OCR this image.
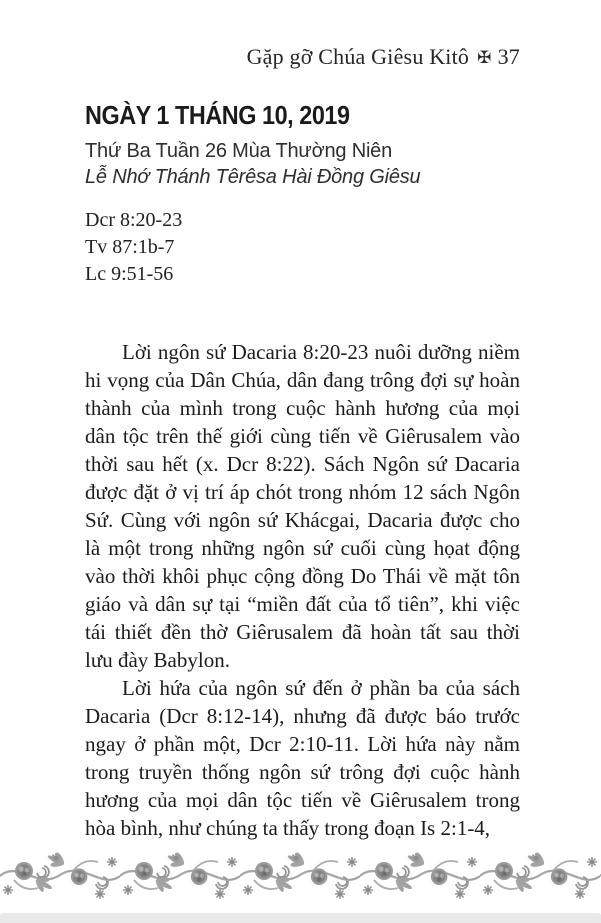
Gặp gỡ Chúa Giêsu Kitô ✠ 37
NGÀY 1 THÁNG 10, 2019
Thứ Ba Tuần 26 Mùa Thường Niên
Lễ Nhớ Thánh Têrêsa Hài Đồng Giêsu
Dcr 8:20-23
Tv 87:1b-7
Lc 9:51-56

Lời ngôn sứ Dacaria 8:20-23 nuôi dưỡng niềm hi vọng của Dân Chúa, dân đang trông đợi sự hoàn thành của mình trong cuộc hành hương của mọi dân tộc trên thế giới cùng tiến về Giêrusalem vào thời sau hết (x. Dcr 8:22). Sách Ngôn sứ Dacaria được đặt ở vị trí áp chót trong nhóm 12 sách Ngôn Sứ. Cùng với ngôn sứ Khácgai, Dacaria được cho là một trong những ngôn sứ cuối cùng họat động vào thời khôi phục cộng đồng Do Thái về mặt tôn giáo và dân sự tại “miền đất của tổ tiên”, khi việc tái thiết đền thờ Giêrusalem đã hoàn tất sau thời lưu đày Babylon.

Lời hứa của ngôn sứ đến ở phần ba của sách Dacaria (Dcr 8:12-14), nhưng đã được báo trước ngay ở phần một, Dcr 2:10-11. Lời hứa này nằm trong truyền thống ngôn sứ trông đợi cuộc hành hương của mọi dân tộc tiến về Giêrusalem trong hòa bình, như chúng ta thấy trong đoạn Is 2:1-4,
